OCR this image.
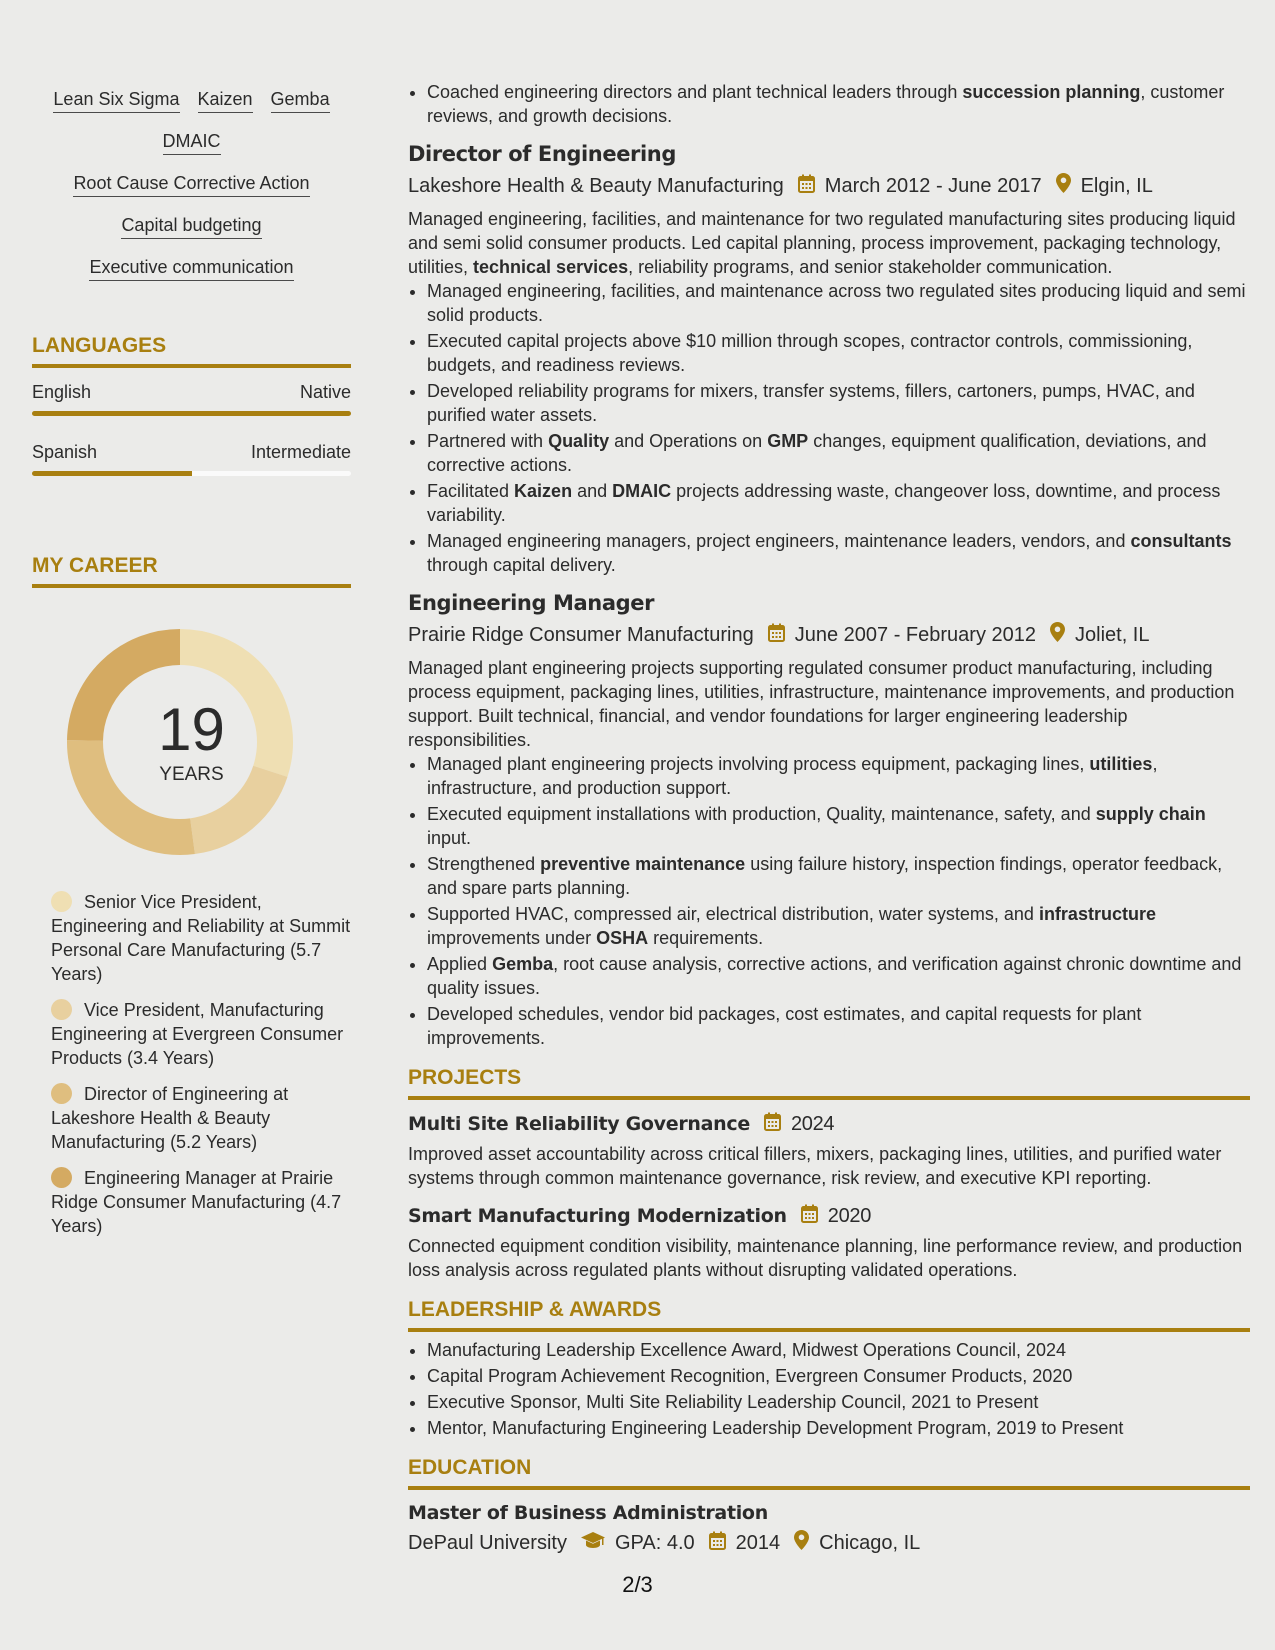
Lean Six Sigma Kaizen Gemba
DMAIC
Root Cause Corrective Action
Capital budgeting
Executive communication
LANGUAGES
English	Native
Spanish	Intermediate
MY CAREER
19
YEARS
Senior Vice President, Engineering and Reliability at Summit Personal Care Manufacturing (5.7 Years)
Vice President, Manufacturing Engineering at Evergreen Consumer Products (3.4 Years)
Director of Engineering at Lakeshore Health & Beauty Manufacturing (5.2 Years)
Engineering Manager at Prairie Ridge Consumer Manufacturing (4.7 Years)
• Coached engineering directors and plant technical leaders through succession planning, customer reviews, and growth decisions.
Director of Engineering
Lakeshore Health & Beauty Manufacturing March 2012 - June 2017 Elgin, IL
Managed engineering, facilities, and maintenance for two regulated manufacturing sites producing liquid and semi solid consumer products. Led capital planning, process improvement, packaging technology, utilities, technical services, reliability programs, and senior stakeholder communication.
• Managed engineering, facilities, and maintenance across two regulated sites producing liquid and semi solid products.
• Executed capital projects above $10 million through scopes, contractor controls, commissioning, budgets, and readiness reviews.
• Developed reliability programs for mixers, transfer systems, fillers, cartoners, pumps, HVAC, and purified water assets.
• Partnered with Quality and Operations on GMP changes, equipment qualification, deviations, and corrective actions.
• Facilitated Kaizen and DMAIC projects addressing waste, changeover loss, downtime, and process variability.
• Managed engineering managers, project engineers, maintenance leaders, vendors, and consultants through capital delivery.
Engineering Manager
Prairie Ridge Consumer Manufacturing June 2007 - February 2012 Joliet, IL
Managed plant engineering projects supporting regulated consumer product manufacturing, including process equipment, packaging lines, utilities, infrastructure, maintenance improvements, and production support. Built technical, financial, and vendor foundations for larger engineering leadership responsibilities.
• Managed plant engineering projects involving process equipment, packaging lines, utilities, infrastructure, and production support.
• Executed equipment installations with production, Quality, maintenance, safety, and supply chain input.
• Strengthened preventive maintenance using failure history, inspection findings, operator feedback, and spare parts planning.
• Supported HVAC, compressed air, electrical distribution, water systems, and infrastructure improvements under OSHA requirements.
• Applied Gemba, root cause analysis, corrective actions, and verification against chronic downtime and quality issues.
• Developed schedules, vendor bid packages, cost estimates, and capital requests for plant improvements.
PROJECTS
Multi Site Reliability Governance 2024
Improved asset accountability across critical fillers, mixers, packaging lines, utilities, and purified water systems through common maintenance governance, risk review, and executive KPI reporting.
Smart Manufacturing Modernization 2020
Connected equipment condition visibility, maintenance planning, line performance review, and production loss analysis across regulated plants without disrupting validated operations.
LEADERSHIP & AWARDS
• Manufacturing Leadership Excellence Award, Midwest Operations Council, 2024
• Capital Program Achievement Recognition, Evergreen Consumer Products, 2020
• Executive Sponsor, Multi Site Reliability Leadership Council, 2021 to Present
• Mentor, Manufacturing Engineering Leadership Development Program, 2019 to Present
EDUCATION
Master of Business Administration
DePaul University GPA: 4.0 2014 Chicago, IL
2/3
